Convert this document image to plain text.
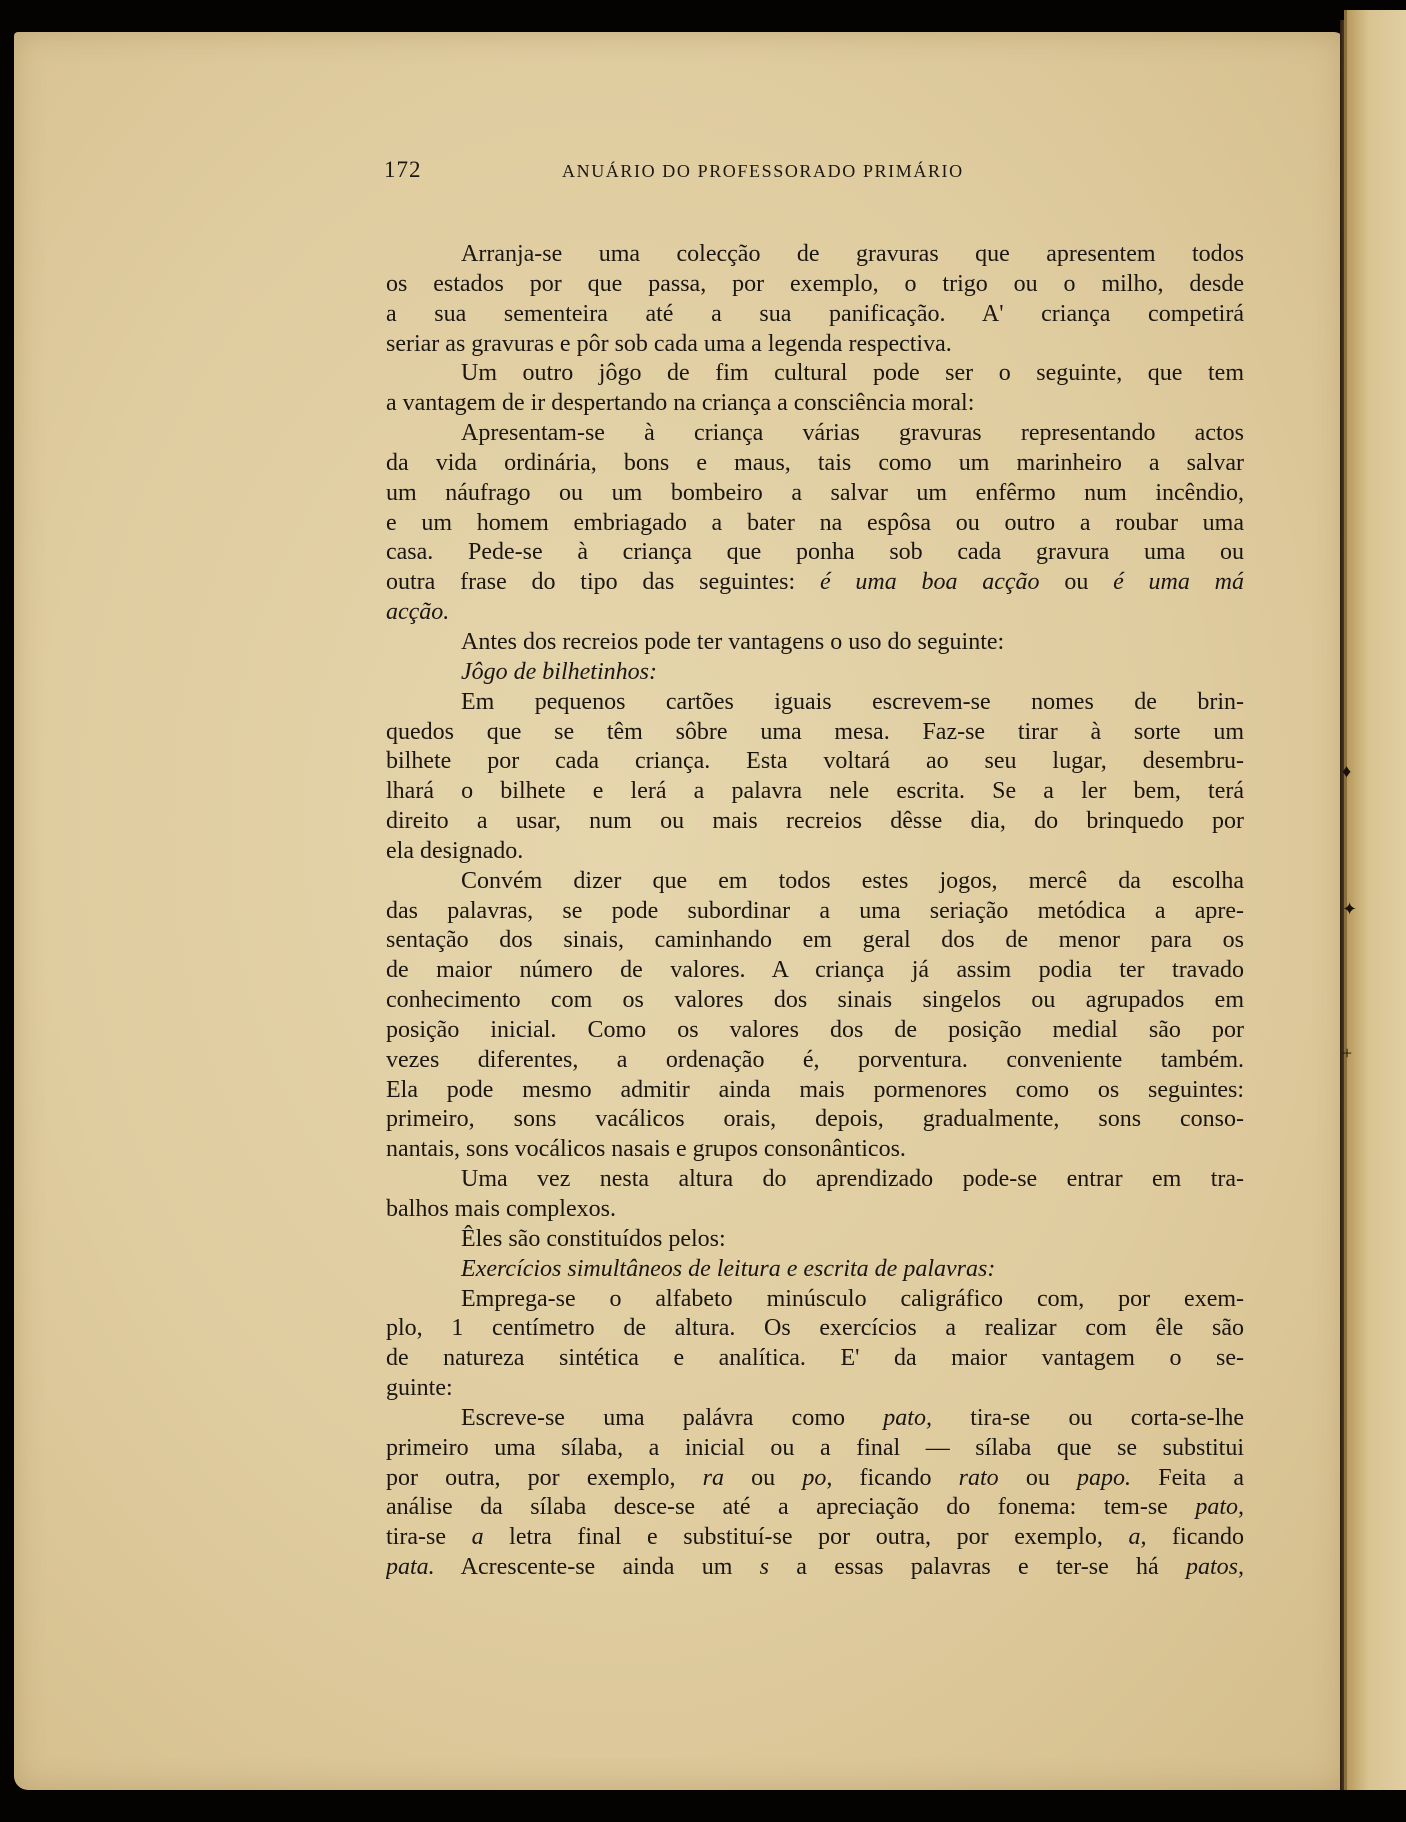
♦
✦
+
172	ANUÁRIO DO PROFESSORADO PRIMÁRIO
Arranja-se uma colecção de gravuras que apresentem todos
os estados por que passa, por exemplo, o trigo ou o milho, desde
a sua sementeira até a sua panificação. A' criança competirá
seriar as gravuras e pôr sob cada uma a legenda respectiva.
Um outro jôgo de fim cultural pode ser o seguinte, que tem
a vantagem de ir despertando na criança a consciência moral:
Apresentam-se à criança várias gravuras representando actos
da vida ordinária, bons e maus, tais como um marinheiro a salvar
um náufrago ou um bombeiro a salvar um enfêrmo num incêndio,
e um homem embriagado a bater na espôsa ou outro a roubar uma
casa. Pede-se à criança que ponha sob cada gravura uma ou
outra frase do tipo das seguintes: é uma boa acção ou é uma má
acção.
Antes dos recreios pode ter vantagens o uso do seguinte:
Jôgo de bilhetinhos:
Em pequenos cartões iguais escrevem-se nomes de brin-
quedos que se têm sôbre uma mesa. Faz-se tirar à sorte um
bilhete por cada criança. Esta voltará ao seu lugar, desembru-
lhará o bilhete e lerá a palavra nele escrita. Se a ler bem, terá
direito a usar, num ou mais recreios dêsse dia, do brinquedo por
ela designado.
Convém dizer que em todos estes jogos, mercê da escolha
das palavras, se pode subordinar a uma seriação metódica a apre-
sentação dos sinais, caminhando em geral dos de menor para os
de maior número de valores. A criança já assim podia ter travado
conhecimento com os valores dos sinais singelos ou agrupados em
posição inicial. Como os valores dos de posição medial são por
vezes diferentes, a ordenação é, porventura. conveniente também.
Ela pode mesmo admitir ainda mais pormenores como os seguintes:
primeiro, sons vacálicos orais, depois, gradualmente, sons conso-
nantais, sons vocálicos nasais e grupos consonânticos.
Uma vez nesta altura do aprendizado pode-se entrar em tra-
balhos mais complexos.
Êles são constituídos pelos:
Exercícios simultâneos de leitura e escrita de palavras:
Emprega-se o alfabeto minúsculo caligráfico com, por exem-
plo, 1 centímetro de altura. Os exercícios a realizar com êle são
de natureza sintética e analítica. E' da maior vantagem o se-
guinte:
Escreve-se uma palávra como pato, tira-se ou corta-se-lhe
primeiro uma sílaba, a inicial ou a final — sílaba que se substitui
por outra, por exemplo, ra ou po, ficando rato ou papo. Feita a
análise da sílaba desce-se até a apreciação do fonema: tem-se pato,
tira-se a letra final e substituí-se por outra, por exemplo, a, ficando
pata. Acrescente-se ainda um s a essas palavras e ter-se há patos,
